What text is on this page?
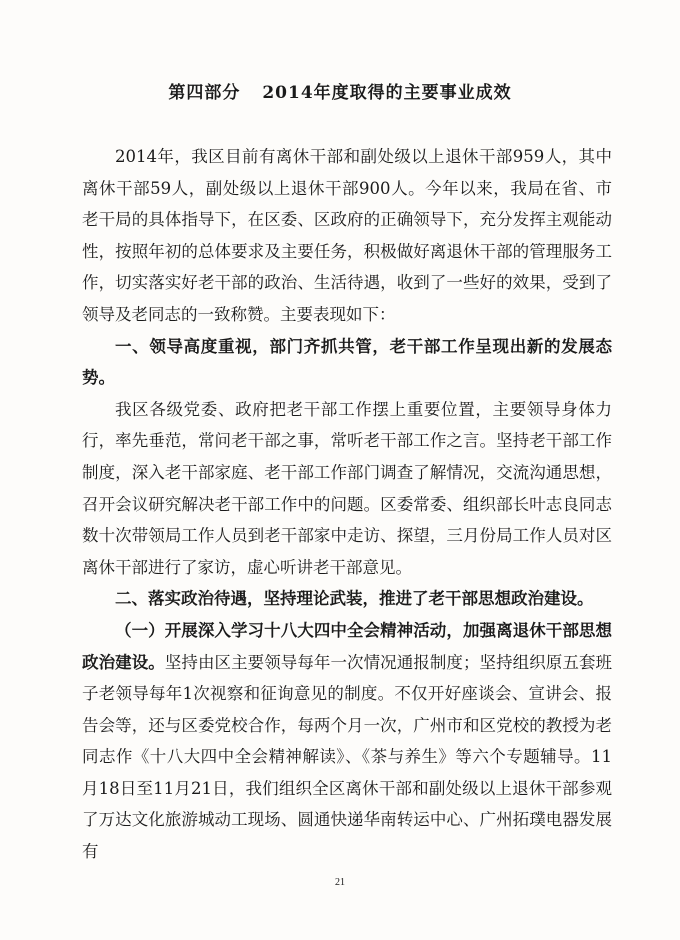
第四部分 2014年度取得的主要事业成效

2014年，我区目前有离休干部和副处级以上退休干部959人，其中离休干部59人，副处级以上退休干部900人。今年以来，我局在省、市老干局的具体指导下，在区委、区政府的正确领导下，充分发挥主观能动性，按照年初的总体要求及主要任务，积极做好离退休干部的管理服务工作，切实落实好老干部的政治、生活待遇，收到了一些好的效果，受到了领导及老同志的一致称赞。主要表现如下：

一、领导高度重视，部门齐抓共管，老干部工作呈现出新的发展态势。

我区各级党委、政府把老干部工作摆上重要位置，主要领导身体力行，率先垂范，常问老干部之事，常听老干部工作之言。坚持老干部工作制度，深入老干部家庭、老干部工作部门调查了解情况，交流沟通思想，召开会议研究解决老干部工作中的问题。区委常委、组织部长叶志良同志数十次带领局工作人员到老干部家中走访、探望，三月份局工作人员对区离休干部进行了家访，虚心听讲老干部意见。

二、落实政治待遇，坚持理论武装，推进了老干部思想政治建设。

（一）开展深入学习十八大四中全会精神活动，加强离退休干部思想政治建设。坚持由区主要领导每年一次情况通报制度；坚持组织原五套班子老领导每年1次视察和征询意见的制度。不仅开好座谈会、宣讲会、报告会等，还与区委党校合作，每两个月一次，广州市和区党校的教授为老同志作《十八大四中全会精神解读》、《茶与养生》等六个专题辅导。11月18日至11月21日，我们组织全区离休干部和副处级以上退休干部参观了万达文化旅游城动工现场、圆通快递华南转运中心、广州拓璞电器发展有

21
